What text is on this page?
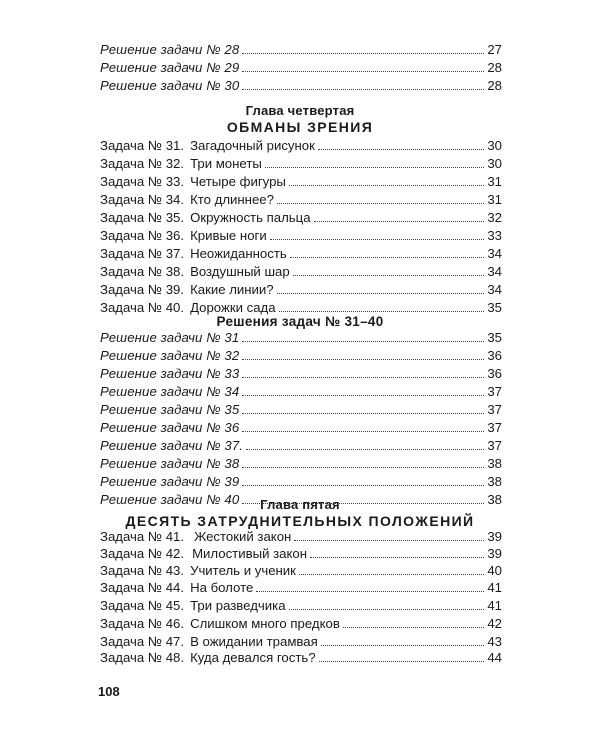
Решение задачи № 28	27
Решение задачи № 29	28
Решение задачи № 30	28
Глава четвертая
ОБМАНЫ ЗРЕНИЯ
Задача № 31. Загадочный рисунок	30
Задача № 32. Три монеты	30
Задача № 33. Четыре фигуры	31
Задача № 34. Кто длиннее?	31
Задача № 35. Окружность пальца	32
Задача № 36. Кривые ноги	33
Задача № 37. Неожиданность	34
Задача № 38. Воздушный шар	34
Задача № 39. Какие линии?	34
Задача № 40. Дорожки сада	35
Решения задач № 31–40
Решение задачи № 31	35
Решение задачи № 32	36
Решение задачи № 33	36
Решение задачи № 34	37
Решение задачи № 35	37
Решение задачи № 36	37
Решение задачи № 37.	37
Решение задачи № 38	38
Решение задачи № 39	38
Решение задачи № 40	38
Глава пятая
ДЕСЯТЬ ЗАТРУДНИТЕЛЬНЫХ ПОЛОЖЕНИЙ
Задача № 41. Жестокий закон	39
Задача № 42. Милостивый закон	39
Задача № 43. Учитель и ученик	40
Задача № 44. На болоте	41
Задача № 45. Три разведчика	41
Задача № 46. Слишком много предков	42
Задача № 47. В ожидании трамвая	43
Задача № 48. Куда девался гость?	44
108
